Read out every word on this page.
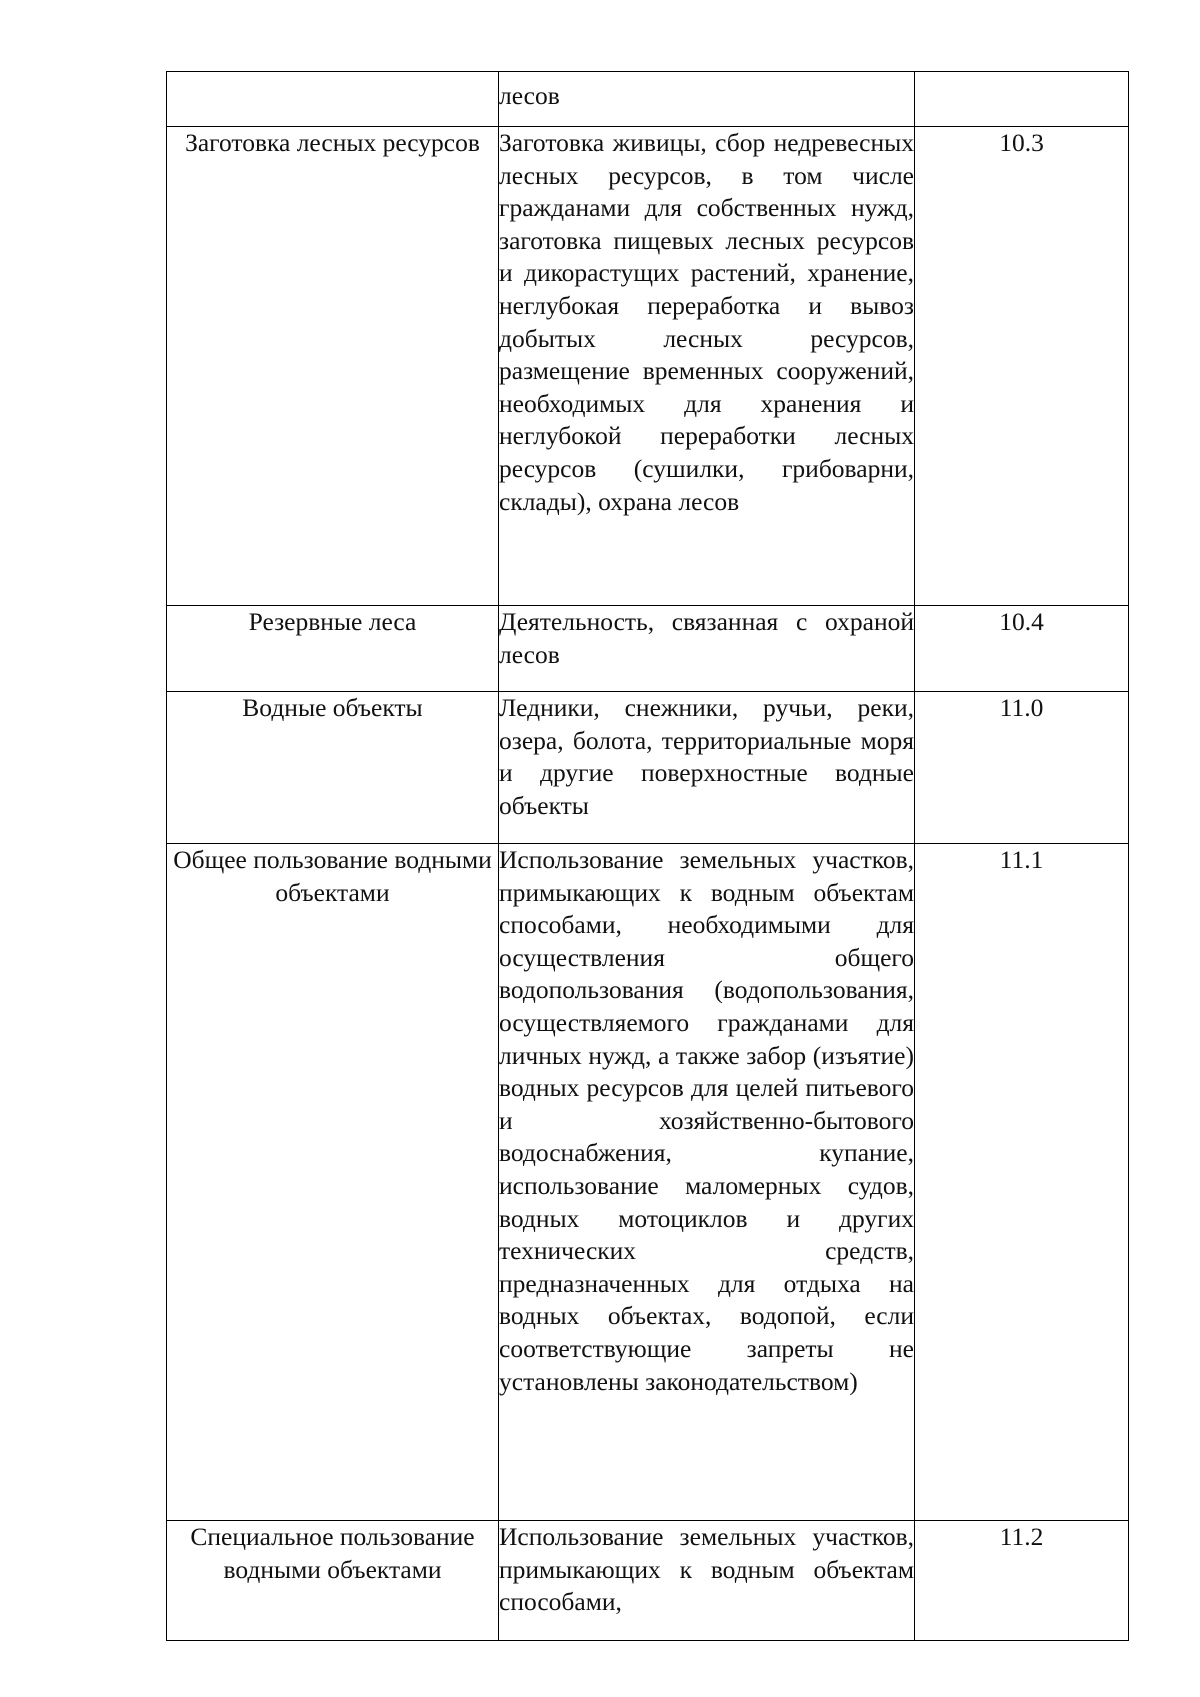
	лесов	

Заготовка лесных ресурсов	Заготовка живицы, сбор недревесных лесных ресурсов, в том числе гражданами для собственных нужд, заготовка пищевых лесных ресурсов и дикорастущих растений, хранение, неглубокая переработка и вывоз добытых лесных ресурсов, размещение временных сооружений, необходимых для хранения и неглубокой переработки лесных ресурсов (сушилки, грибоварни, склады), охрана лесов	10.3

Резервные леса	Деятельность, связанная с охраной лесов	10.4

Водные объекты	Ледники, снежники, ручьи, реки, озера, болота, территориальные моря и другие поверхностные водные объекты	11.0

Общее пользование водными объектами	Использование земельных участков, примыкающих к водным объектам способами, необходимыми для осуществления общего водопользования (водопользования, осуществляемого гражданами для личных нужд, а также забор (изъятие) водных ресурсов для целей питьевого и хозяйственно-бытового водоснабжения, купание, использование маломерных судов, водных мотоциклов и других технических средств, предназначенных для отдыха на водных объектах, водопой, если соответствующие запреты не установлены законодательством)	11.1

Специальное пользование водными объектами	Использование земельных участков, примыкающих к водным объектам способами,	11.2
